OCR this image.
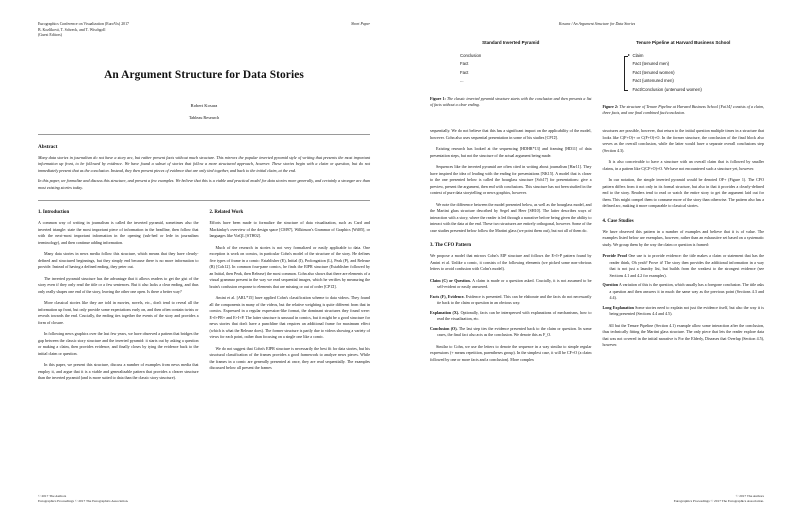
Eurographics Conference on Visualization (EuroVis) 2017
B. Kozlíková, T. Schreck, and T. Wischgoll
(Guest Editors)
Short Paper
An Argument Structure for Data Stories
Robert Kosara
Tableau Research
Abstract

Many data stories in journalism do not have a story arc, but rather present facts without much structure. This mirrors the popular inverted pyramid style of writing that presents the most important information up front, to be followed by evidence. We have found a subset of stories that follow a more structured approach, however. These stories begin with a claim or question, but do not immediately present that as the conclusion. Instead, they then present pieces of evidence that are only tied together, and back to the initial claim, at the end.

In this paper, we formalize and discuss this structure, and present a few examples. We believe that this is a viable and practical model for data stories more generally, and certainly a stronger arc than most existing stories today.

1. Introduction

A common way of writing in journalism is called the inverted pyramid, sometimes also the inverted triangle: state the most important piece of information in the headline, then follow that with the next-most important information in the opening (sub-hed or lede in journalism terminology), and then continue adding information.

Many data stories in news media follow this structure, which means that they have clearly-defined and structured beginnings, but they simply end because there is no more information to provide. Instead of having a defined ending, they peter out.

The inverted pyramid structure has the advantage that it allows readers to get the gist of the story even if they only read the title or a few sentences. But it also lacks a clear ending, and thus only really shapes one end of the story, leaving the other one open. Is there a better way?

More classical stories like they are told in movies, novels, etc., don't tend to reveal all the information up front, but only provide some expectations early on, and then often contain twists or reveals towards the end. Crucially, the ending ties together the events of the story and provides a form of closure.

In following news graphics over the last few years, we have observed a pattern that bridges the gap between the classic story structure and the inverted pyramid: it starts out by asking a question or making a claim, then provides evidence, and finally closes by tying the evidence back to the initial claim or question.

In this paper, we present this structure, discuss a number of examples from news media that employ it, and argue that it is a viable and generalizable pattern that provides a clearer structure than the inverted pyramid (and is more suited to data than the classic story structure).

2. Related Work

Efforts have been made to formalize the structure of data visualization, such as Card and Mackinlay's overview of the design space [CM97], Wilkinson's Grammar of Graphics [Wil05], or languages like VizQL [STH02].

Much of the research in stories is not very formalized or easily applicable to data. One exception is work on comics, in particular Cohn's model of the structure of the story. He defines five types of frame in a comic: Establisher (E), Initial (I), Prolongation (L), Peak (P), and Release (R) [Coh12]. In common four-pane comics, he finds the EIPR structure (Establisher followed by an Initial, then Peak, then Release) the most common. Cohn also shows that there are elements of a visual grammar present in the way we read sequential images, which he verifies by measuring the brain's confusion response to elements that are missing or out of order [CP1̃2].

Amini et al. [ARL*15] have applied Cohn's classification scheme to data videos. They found all the components in many of the videos, but the relative weighting is quite different from that in comics. Expressed in a regular expression-like format, the dominant structures they found were: E+I+PR+ and E+I+P. The latter structure is unusual in comics, but it might be a good structure for news stories that don't have a punchline that requires an additional frame for maximum effect (which is what the Release does). The former structure is partly due to videos showing a variety of views for each point, rather than focusing on a single one like a comic.

We do not suggest that Cohn's EIPR structure is necessarily the best fit for data stories, but his structural classification of the frames provides a good framework to analyze news pieces. While the frames in a comic are generally presented at once, they are read sequentially. The examples discussed below all present the frames

© 2017 The Authors
Eurographics Proceedings © 2017 The Eurographics Association.

Kosara / An Argument Structure for Data Stories

Standard Inverted Pyramid
Conclusion
Fact
Fact
...
Figure 1: The classic inverted pyramid structure starts with the conclusion and then presents a list of facts without a clear ending.
Tenure Pipeline at Harvard Business School
Claim
Fact (tenured men)
Fact (tenured women)
Fact (untenured men)
Fact/Conclusion (untenured women)
Figure 2: The structure of Tenure Pipeline at Harvard Business School [Fai14] consists of a claim, three facts, and one final combined fact/conclusion.

sequentially. We do not believe that this has a significant impact on the applicability of the model, however. Cohn also uses sequential presentation in some of his studies [CP1̃2].

Existing research has looked at the sequencing [HDHR*13] and framing [HD11] of data presentation steps, but not the structure of the actual argument being made.

Sequences like the inverted pyramid are often cited in writing about journalism [Har11]. They have inspired the idea of leading with the ending for presentations [NK15]. A model that is closer to the one presented below is called the hourglass structure [Sch17] for presentations: give a preview, present the argument, then end with conclusions. This structure has not been studied in the context of pure data storytelling or news graphics, however.

We note the difference between the model presented below, as well as the hourglass model, and the Martini glass structure described by Segel and Heer [SH10]. The latter describes ways of interaction with a story, where the reader is led through a narrative before being given the ability to interact with the data at the end. These two structures are entirely orthogonal, however. Some of the case studies presented below follow the Martini glass (we point them out), but not all of them do.

3. The CFO Pattern

We propose a model that mirrors Cohn's EIP structure and follows the E+I+P pattern found by Amini et al. Unlike a comic, it consists of the following elements (we picked some non-obvious letters to avoid confusion with Cohn's model).

Claim (C) or Question. A claim is made or a question asked. Crucially, it is not assumed to be self-evident or easily answered.

Facts (F), Evidence. Evidence is presented. This can be elaborate and the facts do not necessarily tie back to the claim or question in an obvious way.

Explanation (X). Optionally, facts can be interspersed with explanations of mechanisms, how to read the visualization, etc.

Conclusion (O). The last step ties the evidence presented back to the claim or question. In some cases, the final fact also acts as the conclusion. We denote this as F_O.

Similar to Cohn, we use the letters to denote the sequence in a way similar to simple regular expressions (+ means repetition, parentheses group). In the simplest case, it will be CF+O (a claim followed by one or more facts and a conclusion). More complex

structures are possible, however, that return to the initial question multiple times in a structure that looks like C(F+O)+ or C(F+O)+O. In the former structure, the conclusion of the final block also serves as the overall conclusion, while the latter would have a separate overall conclusions step (Section 4.3).

It is also conceivable to have a structure with an overall claim that is followed by smaller claims, in a pattern like C(CF+O)+O. We have not encountered such a structure yet, however.

In our notation, the simple inverted pyramid would be denoted OF+ (Figure 1). The CFO pattern differs from it not only in its formal structure, but also in that it provides a clearly-defined end to the story. Readers tend to read or watch the entire story to get the argument laid out for them. This might compel them to consume more of the story than otherwise. The pattern also has a defined arc, making it more comparable to classical stories.

4. Case Studies

We have observed this pattern in a number of examples and believe that it is of value. The examples listed below are exemplars, however, rather than an exhaustive set based on a systematic study. We group them by the way the claim or question is framed:

Provide Proof One use is to provide evidence: the title makes a claim or statement that has the reader think, Oh yeah? Prove it! The story then provides the additional information in a way that is not just a laundry list, but builds from the weakest to the strongest evidence (see Sections 4.1 and 4.2 for examples).

Question A variation of this is the question, which usually has a foregone conclusion. The title asks a question and then answers it in much the same way as the previous point (Sections 4.3 and 4.4).

Long Explanation Some stories need to explain not just the evidence itself, but also the way it is being presented (Sections 4.4 and 4.5).

All but the Tenure Pipeline (Section 4.1) example allow some interaction after the conclusion, thus technically fitting the Martini glass structure. The only piece that lets the reader explore data that was not covered in the initial narrative is For the Elderly, Diseases that Overlap (Section 4.5), however.

© 2017 The Authors
Eurographics Proceedings © 2017 The Eurographics Association.
